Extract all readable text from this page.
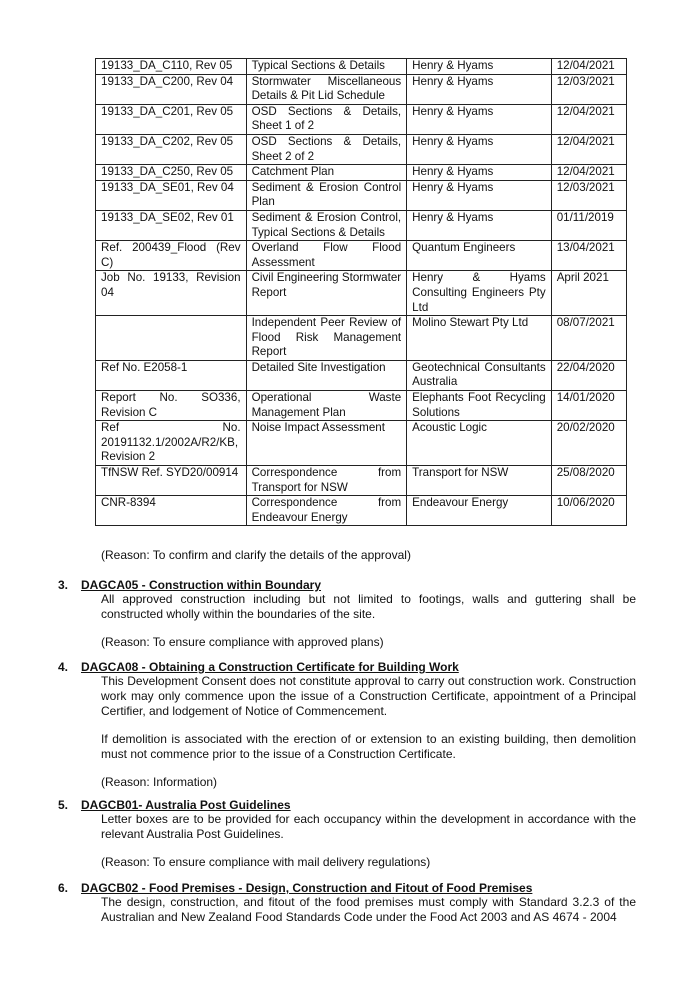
19133_DA_C110, Rev 05	Typical Sections & Details	Henry & Hyams	12/04/2021
19133_DA_C200, Rev 04	Stormwater Miscellaneous Details & Pit Lid Schedule	Henry & Hyams	12/03/2021
19133_DA_C201, Rev 05	OSD Sections & Details, Sheet 1 of 2	Henry & Hyams	12/04/2021
19133_DA_C202, Rev 05	OSD Sections & Details, Sheet 2 of 2	Henry & Hyams	12/04/2021
19133_DA_C250, Rev 05	Catchment Plan	Henry & Hyams	12/04/2021
19133_DA_SE01, Rev 04	Sediment & Erosion Control Plan	Henry & Hyams	12/03/2021
19133_DA_SE02, Rev 01	Sediment & Erosion Control, Typical Sections & Details	Henry & Hyams	01/11/2019
Ref. 200439_Flood (Rev C)	Overland Flow Flood Assessment	Quantum Engineers	13/04/2021
Job No. 19133, Revision 04	Civil Engineering Stormwater Report	Henry & Hyams Consulting Engineers Pty Ltd	April 2021
	Independent Peer Review of Flood Risk Management Report	Molino Stewart Pty Ltd	08/07/2021
Ref No. E2058-1	Detailed Site Investigation	Geotechnical Consultants Australia	22/04/2020
Report No. SO336, Revision C	Operational Waste Management Plan	Elephants Foot Recycling Solutions	14/01/2020
Ref No. 20191132.1/2002A/R2/KB, Revision 2	Noise Impact Assessment	Acoustic Logic	20/02/2020
TfNSW Ref. SYD20/00914	Correspondence from Transport for NSW	Transport for NSW	25/08/2020
CNR-8394	Correspondence from Endeavour Energy	Endeavour Energy	10/06/2020
(Reason: To confirm and clarify the details of the approval)
3. DAGCA05 - Construction within Boundary

All approved construction including but not limited to footings, walls and guttering shall be constructed wholly within the boundaries of the site.

(Reason: To ensure compliance with approved plans)

4. DAGCA08 - Obtaining a Construction Certificate for Building Work

This Development Consent does not constitute approval to carry out construction work. Construction work may only commence upon the issue of a Construction Certificate, appointment of a Principal Certifier, and lodgement of Notice of Commencement.

If demolition is associated with the erection of or extension to an existing building, then demolition must not commence prior to the issue of a Construction Certificate.

(Reason: Information)

5. DAGCB01- Australia Post Guidelines

Letter boxes are to be provided for each occupancy within the development in accordance with the relevant Australia Post Guidelines.

(Reason: To ensure compliance with mail delivery regulations)

6. DAGCB02 - Food Premises - Design, Construction and Fitout of Food Premises

The design, construction, and fitout of the food premises must comply with Standard 3.2.3 of the Australian and New Zealand Food Standards Code under the Food Act 2003 and AS 4674 - 2004
